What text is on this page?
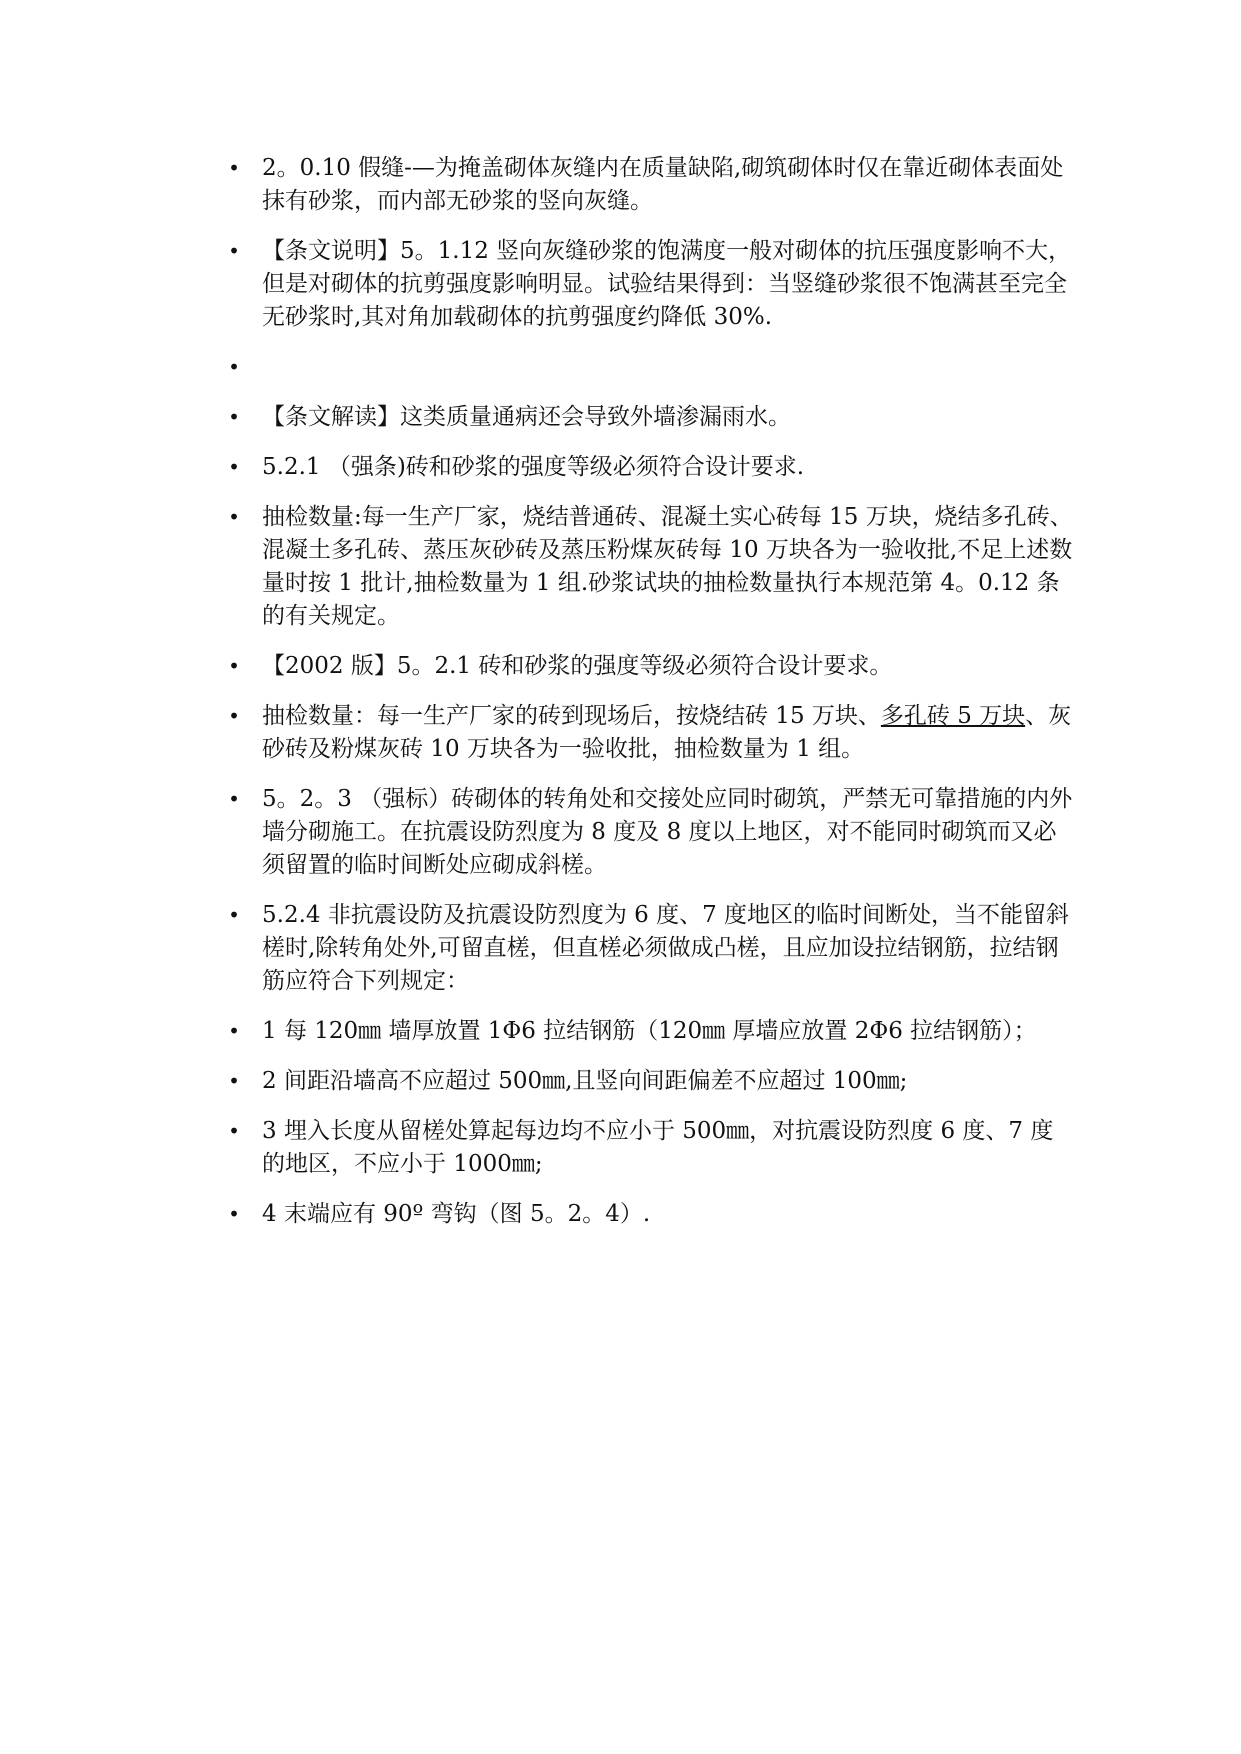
• 2。0.10 假缝-—为掩盖砌体灰缝内在质量缺陷,砌筑砌体时仅在靠近砌体表面处抹有砂浆，而内部无砂浆的竖向灰缝。
• 【条文说明】5。1.12 竖向灰缝砂浆的饱满度一般对砌体的抗压强度影响不大，但是对砌体的抗剪强度影响明显。试验结果得到：当竖缝砂浆很不饱满甚至完全无砂浆时,其对角加载砌体的抗剪强度约降低 30%.
•
• 【条文解读】这类质量通病还会导致外墙渗漏雨水。
• 5.2.1 （强条)砖和砂浆的强度等级必须符合设计要求.
• 抽检数量:每一生产厂家，烧结普通砖、混凝土实心砖每 15 万块，烧结多孔砖、混凝土多孔砖、蒸压灰砂砖及蒸压粉煤灰砖每 10 万块各为一验收批,不足上述数量时按 1 批计,抽检数量为 1 组.砂浆试块的抽检数量执行本规范第 4。0.12 条的有关规定。
• 【2002 版】5。2.1 砖和砂浆的强度等级必须符合设计要求。
• 抽检数量：每一生产厂家的砖到现场后，按烧结砖 15 万块、多孔砖 5 万块、灰砂砖及粉煤灰砖 10 万块各为一验收批，抽检数量为 1 组。
• 5。2。3 （强标）砖砌体的转角处和交接处应同时砌筑，严禁无可靠措施的内外墙分砌施工。在抗震设防烈度为 8 度及 8 度以上地区，对不能同时砌筑而又必须留置的临时间断处应砌成斜槎。
• 5.2.4 非抗震设防及抗震设防烈度为 6 度、7 度地区的临时间断处，当不能留斜槎时,除转角处外,可留直槎，但直槎必须做成凸槎，且应加设拉结钢筋，拉结钢筋应符合下列规定：
• 1 每 120㎜ 墙厚放置 1Φ6 拉结钢筋（120㎜ 厚墙应放置 2Φ6 拉结钢筋）；
• 2 间距沿墙高不应超过 500㎜,且竖向间距偏差不应超过 100㎜;
• 3 埋入长度从留槎处算起每边均不应小于 500㎜，对抗震设防烈度 6 度、7 度的地区，不应小于 1000㎜;
• 4 末端应有 90º 弯钩（图 5。2。4）.
